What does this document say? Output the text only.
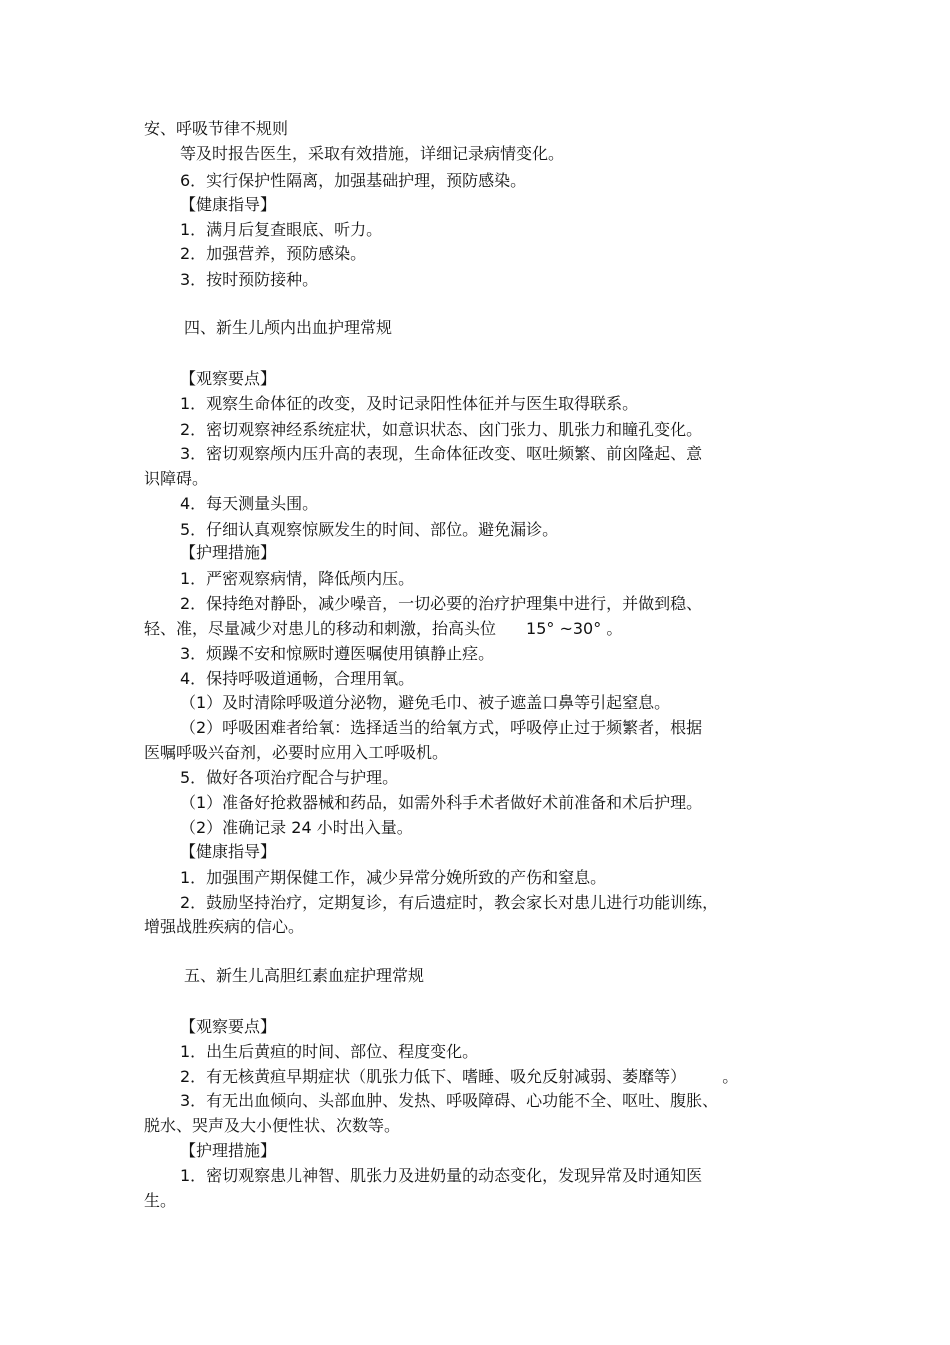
安、呼吸节律不规则
等及时报告医生，采取有效措施，详细记录病情变化。
6．实行保护性隔离，加强基础护理，预防感染。
【健康指导】
1．满月后复查眼底、听力。
2．加强营养，预防感染。
3．按时预防接种。
四、新生儿颅内出血护理常规
【观察要点】
1．观察生命体征的改变，及时记录阳性体征并与医生取得联系。
2．密切观察神经系统症状，如意识状态、囟门张力、肌张力和瞳孔变化。
3．密切观察颅内压升高的表现，生命体征改变、呕吐频繁、前囟隆起、意
识障碍。
4．每天测量头围。
5．仔细认真观察惊厥发生的时间、部位。避免漏诊。
【护理措施】
1．严密观察病情，降低颅内压。
2．保持绝对静卧，减少噪音，一切必要的治疗护理集中进行，并做到稳、
轻、准，尽量减少对患儿的移动和刺激，抬高头位 15° ~30° 。
3．烦躁不安和惊厥时遵医嘱使用镇静止痉。
4．保持呼吸道通畅，合理用氧。
（1）及时清除呼吸道分泌物，避免毛巾、被子遮盖口鼻等引起窒息。
（2）呼吸困难者给氧：选择适当的给氧方式，呼吸停止过于频繁者，根据
医嘱呼吸兴奋剂，必要时应用入工呼吸机。
5．做好各项治疗配合与护理。
（1）准备好抢救器械和药品，如需外科手术者做好术前准备和术后护理。
（2）准确记录 24 小时出入量。
【健康指导】
1．加强围产期保健工作，减少异常分娩所致的产伤和窒息。
2．鼓励坚持治疗，定期复诊，有后遗症时，教会家长对患儿进行功能训练，
增强战胜疾病的信心。
五、新生儿高胆红素血症护理常规
【观察要点】
1．出生后黄疸的时间、部位、程度变化。
2．有无核黄疸早期症状（肌张力低下、嗜睡、吸允反射减弱、萎靡等） 。
3．有无出血倾向、头部血肿、发热、呼吸障碍、心功能不全、呕吐、腹胀、
脱水、哭声及大小便性状、次数等。
【护理措施】
1．密切观察患儿神智、肌张力及进奶量的动态变化，发现异常及时通知医
生。
